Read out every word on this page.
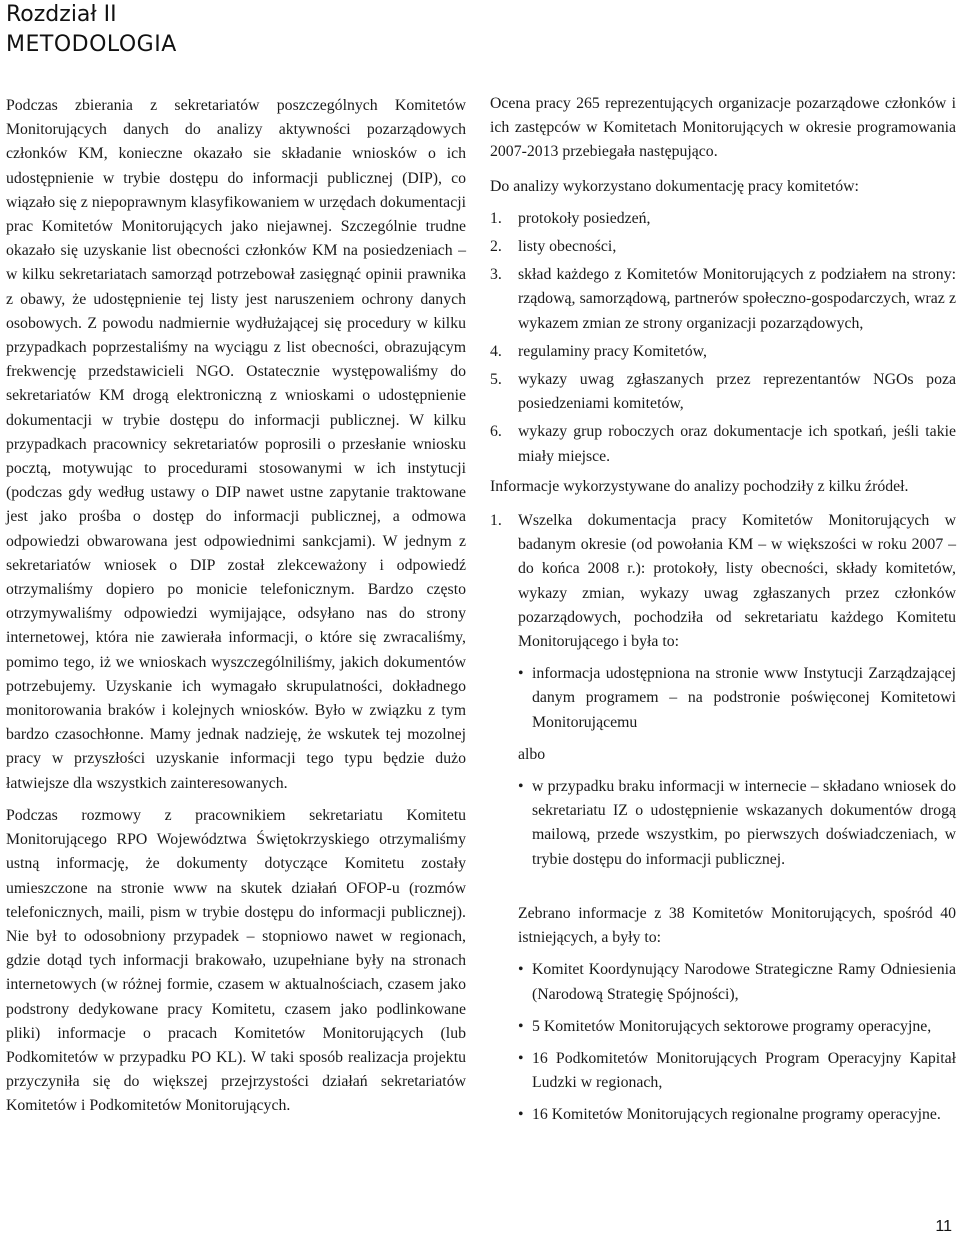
Rozdział II
METODOLOGIA

Podczas zbierania z sekretariatów poszczególnych Komitetów Monitorujących danych do analizy aktywności pozarządowych członków KM, konieczne okazało sie składanie wniosków o ich udostępnienie w trybie dostępu do informacji publicznej (DIP), co wiązało się z niepoprawnym klasyfikowaniem w urzędach dokumentacji prac Komitetów Monitorujących jako niejawnej. Szczególnie trudne okazało się uzyskanie list obecności członków KM na posiedzeniach – w kilku sekretariatach samorząd potrzebował zasięgnąć opinii prawnika z obawy, że udostępnienie tej listy jest naruszeniem ochrony danych osobowych. Z powodu nadmiernie wydłużającej się procedury w kilku przypadkach poprzestaliśmy na wyciągu z list obecności, obrazującym frekwencję przedstawicieli NGO. Ostatecznie występowaliśmy do sekretariatów KM drogą elektroniczną z wnioskami o udostępnienie dokumentacji w trybie dostępu do informacji publicznej. W kilku przypadkach pracownicy sekretariatów poprosili o przesłanie wniosku pocztą, motywując to procedurami stosowanymi w ich instytucji (podczas gdy według ustawy o DIP nawet ustne zapytanie traktowane jest jako prośba o dostęp do informacji publicznej, a odmowa odpowiedzi obwarowana jest odpowiednimi sankcjami). W jednym z sekretariatów wniosek o DIP został zlekceważony i odpowiedź otrzymaliśmy dopiero po monicie telefonicznym. Bardzo często otrzymywaliśmy odpowiedzi wymijające, odsyłano nas do strony internetowej, która nie zawierała informacji, o które się zwracaliśmy, pomimo tego, iż we wnioskach wyszczególniliśmy, jakich dokumentów potrzebujemy. Uzyskanie ich wymagało skrupulatności, dokładnego monitorowania braków i kolejnych wniosków. Było w związku z tym bardzo czasochłonne. Mamy jednak nadzieję, że wskutek tej mozolnej pracy w przyszłości uzyskanie informacji tego typu będzie dużo łatwiejsze dla wszystkich zainteresowanych.

Podczas rozmowy z pracownikiem sekretariatu Komitetu Monitorującego RPO Województwa Świętokrzyskiego otrzymaliśmy ustną informację, że dokumenty dotyczące Komitetu zostały umieszczone na stronie www na skutek działań OFOP-u (rozmów telefonicznych, maili, pism w trybie dostępu do informacji publicznej). Nie był to odosobniony przypadek – stopniowo nawet w regionach, gdzie dotąd tych informacji brakowało, uzupełniane były na stronach internetowych (w różnej formie, czasem w aktualnościach, czasem jako podstrony dedykowane pracy Komitetu, czasem jako podlinkowane pliki) informacje o pracach Komitetów Monitorujących (lub Podkomitetów w przypadku PO KL). W taki sposób realizacja projektu przyczyniła się do większej przejrzystości działań sekretariatów Komitetów i Podkomitetów Monitorujących.

Ocena pracy 265 reprezentujących organizacje pozarządowe członków i ich zastępców w Komitetach Monitorujących w okresie programowania 2007-2013 przebiegała następująco.

Do analizy wykorzystano dokumentację pracy komitetów:

1.	protokoły posiedzeń,
2.	listy obecności,
3.	skład każdego z Komitetów Monitorujących z podziałem na strony: rządową, samorządową, partnerów społeczno-gospodarczych, wraz z wykazem zmian ze strony organizacji pozarządowych,
4.	regulaminy pracy Komitetów,
5.	wykazy uwag zgłaszanych przez reprezentantów NGOs poza posiedzeniami komitetów,
6.	wykazy grup roboczych oraz dokumentacje ich spotkań, jeśli takie miały miejsce.

Informacje wykorzystywane do analizy pochodziły z kilku źródeł.

1.	Wszelka dokumentacja pracy Komitetów Monitorujących w badanym okresie (od powołania KM – w większości w roku 2007 – do końca 2008 r.): protokoły, listy obecności, składy komitetów, wykazy zmian, wykazy uwag zgłaszanych przez członków pozarządowych, pochodziła od sekretariatu każdego Komitetu Monitorującego i była to:
• informacja udostępniona na stronie www Instytucji Zarządzającej danym programem – na podstronie poświęconej Komitetowi Monitorującemu

albo

• w przypadku braku informacji w internecie – składano wniosek do sekretariatu IZ o udostępnienie wskazanych dokumentów drogą mailową, przede wszystkim, po pierwszych doświadczeniach, w trybie dostępu do informacji publicznej.

Zebrano informacje z 38 Komitetów Monitorujących, spośród 40 istniejących, a były to:

• Komitet Koordynujący Narodowe Strategiczne Ramy Odniesienia (Narodową Strategię Spójności),
• 5 Komitetów Monitorujących sektorowe programy operacyjne,
• 16 Podkomitetów Monitorujących Program Operacyjny Kapitał Ludzki w regionach,
• 16 Komitetów Monitorujących regionalne programy operacyjne.
11
